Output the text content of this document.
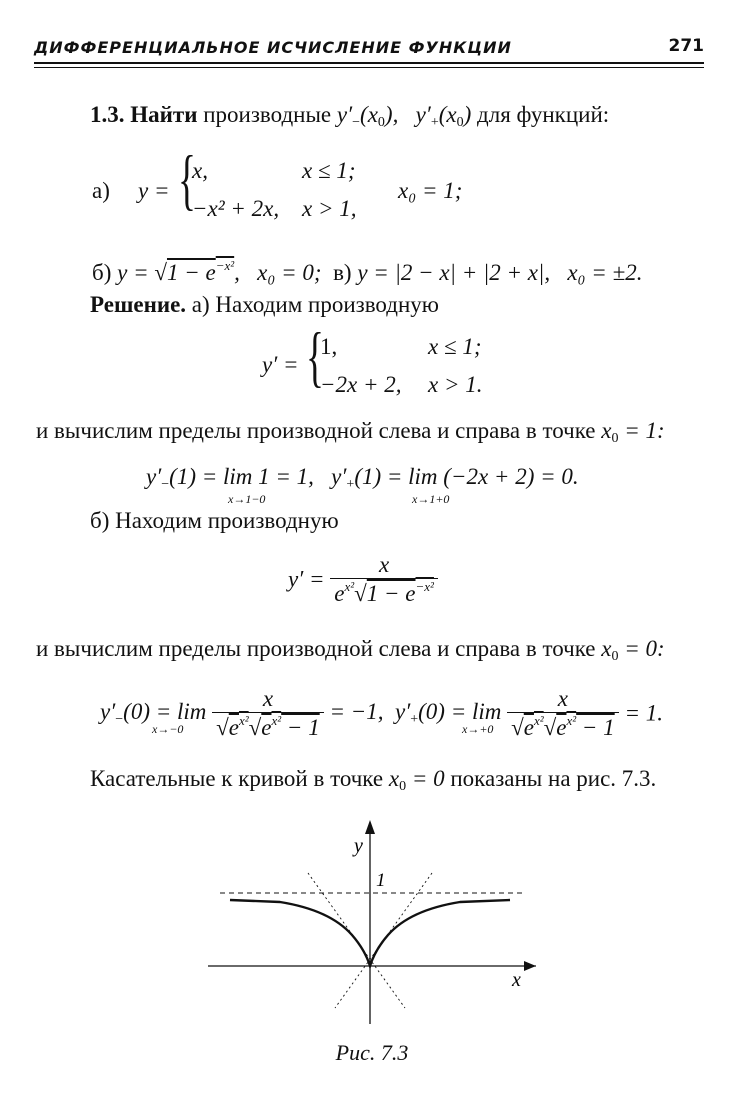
ДИФФЕРЕНЦИАЛЬНОЕ ИСЧИСЛЕНИЕ ФУНКЦИИ	271
1.3. Найти производные $y'_-(x_0)$,   $y'_+(x_0)$ для функций:
а) y = {
x,	x ≤ 1;
−x² + 2x, x > 1,
x₀ = 1;
б) $y = √1 - e^{-x^2}$, x₀ = 0; в) y = |2 − x| + |2 + x|, x₀ = ±2.
Решение. а) Находим производную
y′ = {
1,	x ≤ 1;
−2x + 2, x > 1.
и вычислим пределы производной слева и справа в точке $x_0 = 1$:
$y'_-(1) = \lim 1 = 1$,   $y'_+(1) = \lim (-2x + 2) = 0$.
x→1−0	x→1+0
б) Находим производную
$y' = \frac{x}{e^{x^2}√1 - e^{-x^2}}$
и вычислим пределы производной слева и справа в точке $x_0 = 0$:
$y'_-(0) = \lim \frac{x}{√e^{x^2}√e^{x^2} - 1} = -1$,  $y'_+(0) = \lim \frac{x}{√e^{x^2}√e^{x^2} - 1} = 1$.
x→−0	x→+0
Касательные к кривой в точке $x_0 = 0$ показаны на рис. 7.3.
y
x
1
Рис. 7.3
